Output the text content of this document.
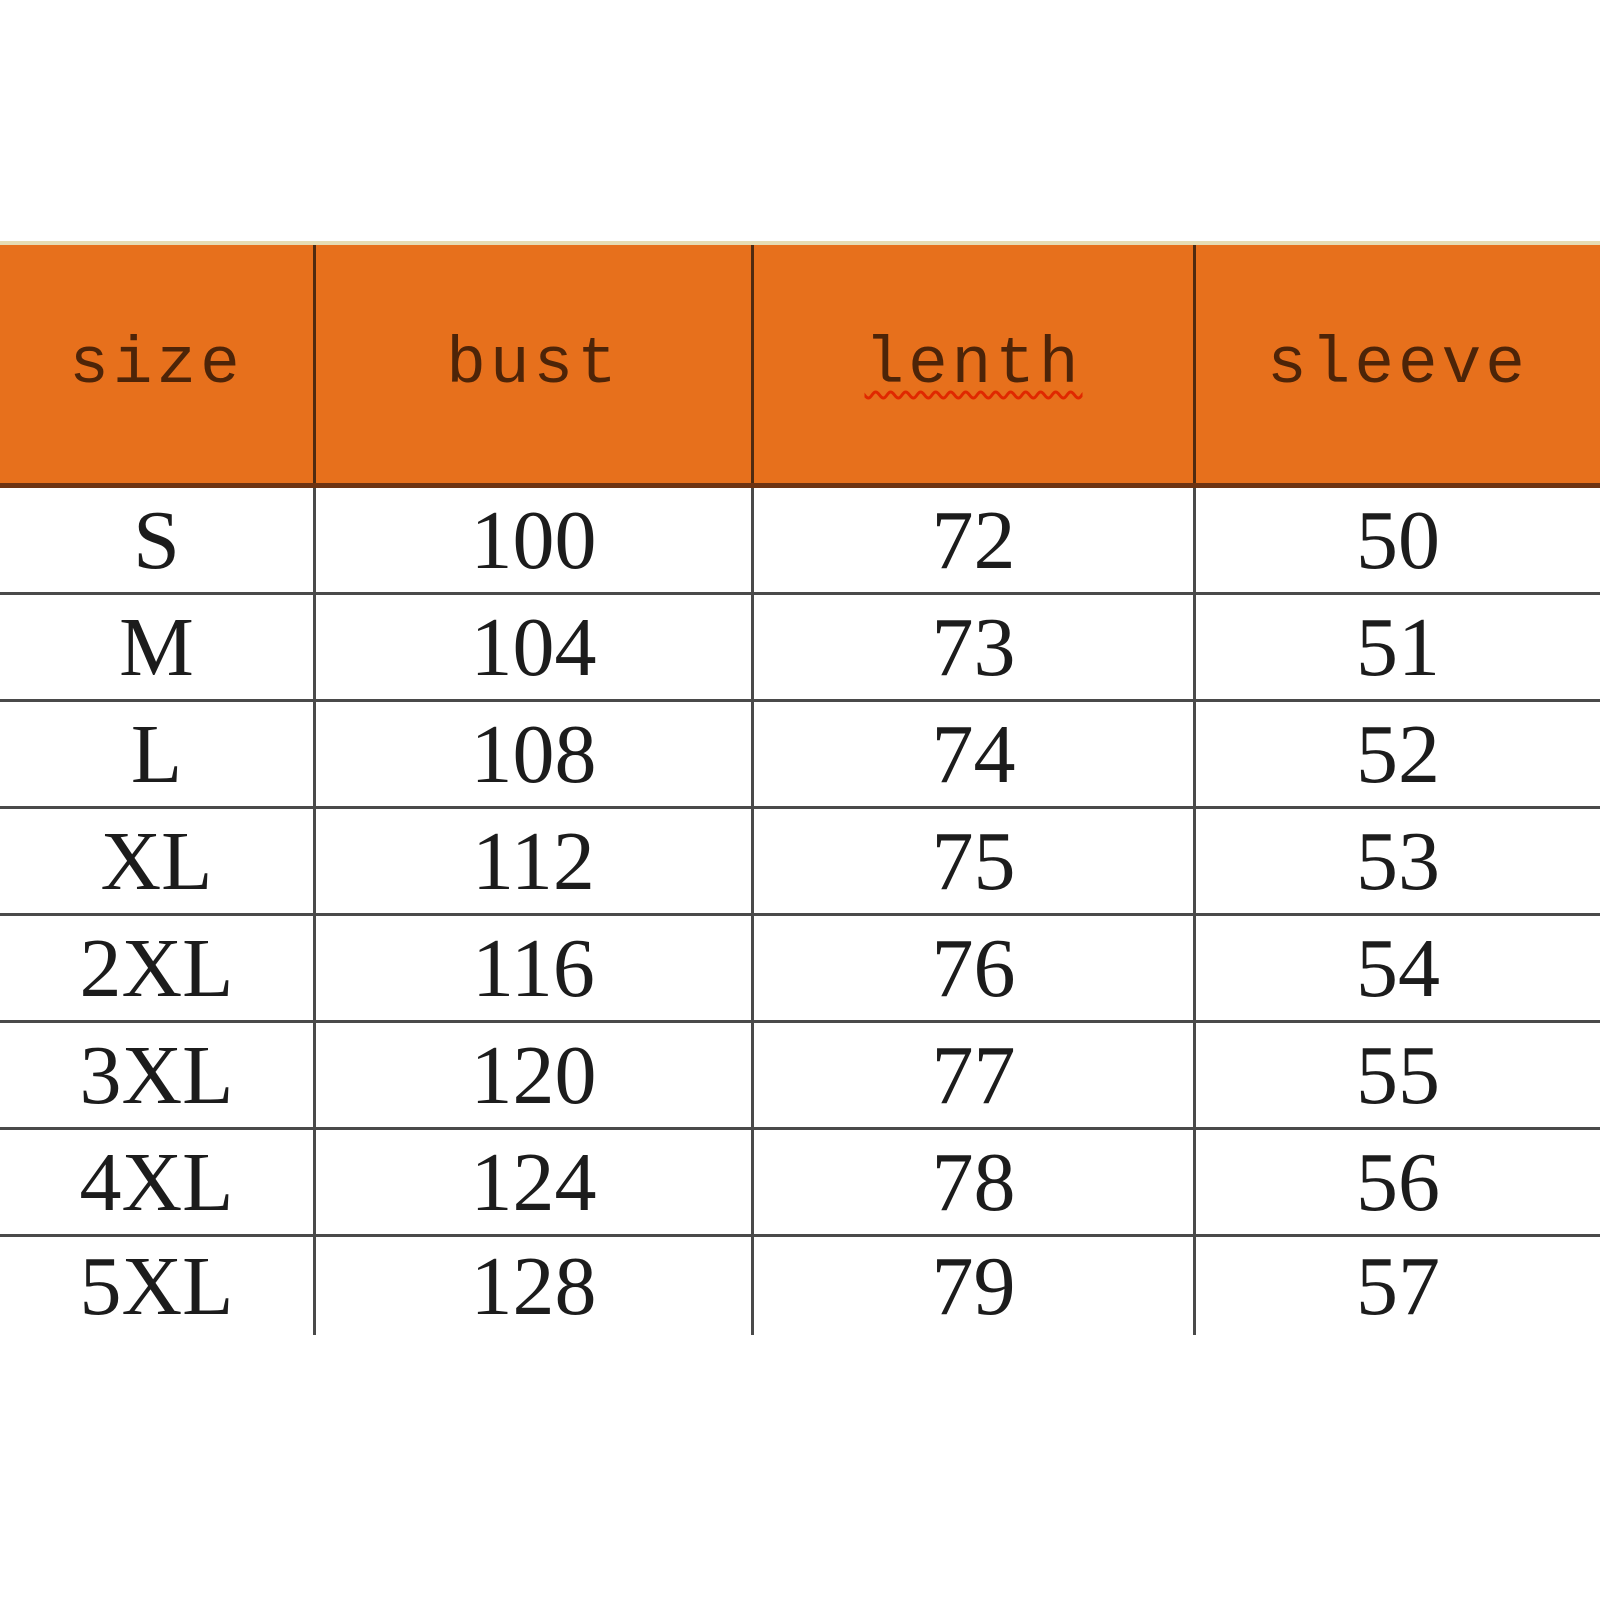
size	bust	lenth	sleeve
S	100	72	50
M	104	73	51
L	108	74	52
XL	112	75	53
2XL	116	76	54
3XL	120	77	55
4XL	124	78	56
5XL	128	79	57
